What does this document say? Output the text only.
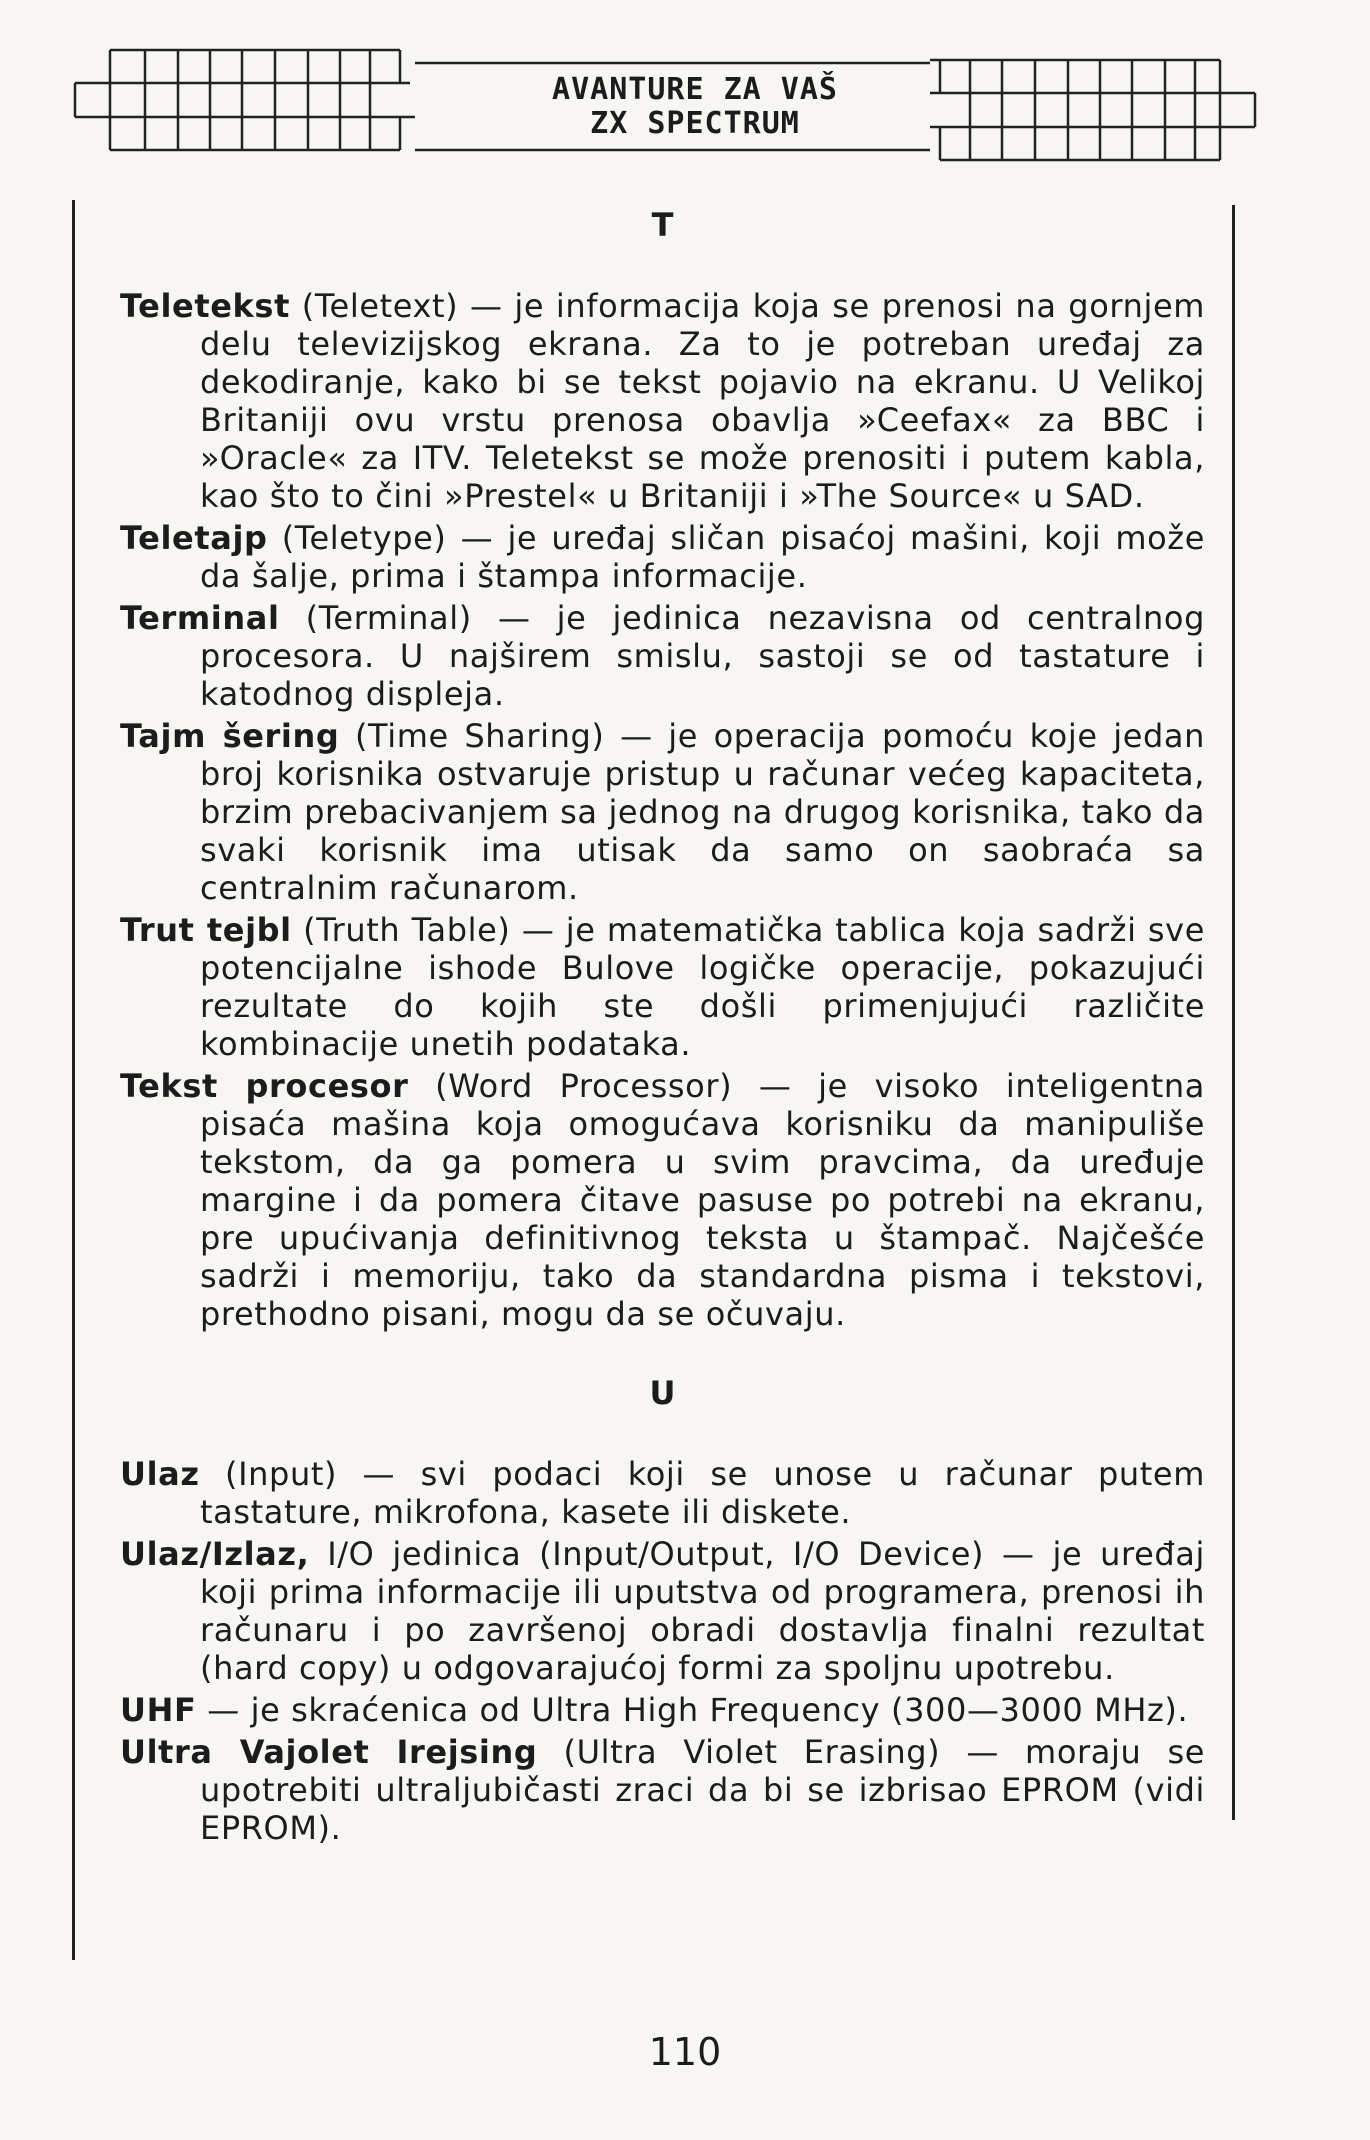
AVANTURE ZA VAŠ
ZX SPECTRUM
T

Teletekst (Teletext) — je informacija koja se prenosi na gornjem delu televizijskog ekrana. Za to je potreban uređaj za dekodiranje, kako bi se tekst pojavio na ekranu. U Velikoj Britaniji ovu vrstu prenosa obavlja »Ceefax« za BBC i »Oracle« za ITV. Teletekst se može prenositi i putem kabla, kao što to čini »Prestel« u Britaniji i »The Source« u SAD.

Teletajp (Teletype) — je uređaj sličan pisaćoj mašini, koji može da šalje, prima i štampa informacije.

Terminal (Terminal) — je jedinica nezavisna od centralnog procesora. U najširem smislu, sastoji se od tastature i katodnog displeja.

Tajm šering (Time Sharing) — je operacija pomoću koje jedan broj korisnika ostvaruje pristup u računar većeg kapaciteta, brzim prebacivanjem sa jednog na drugog korisnika, tako da svaki korisnik ima utisak da samo on saobraća sa centralnim računarom.

Trut tejbl (Truth Table) — je matematička tablica koja sadrži sve potencijalne ishode Bulove logičke operacije, pokazujući rezultate do kojih ste došli primenjujući različite kombinacije unetih podataka.

Tekst procesor (Word Processor) — je visoko inteligentna pisaća mašina koja omogućava korisniku da manipuliše tekstom, da ga pomera u svim pravcima, da uređuje margine i da pomera čitave pasuse po potrebi na ekranu, pre upućivanja definitivnog teksta u štampač. Najčešće sadrži i memoriju, tako da standardna pisma i tekstovi, prethodno pisani, mogu da se očuvaju.

U

Ulaz (Input) — svi podaci koji se unose u računar putem tastature, mikrofona, kasete ili diskete.

Ulaz/Izlaz, I/O jedinica (Input/Output, I/O Device) — je uređaj koji prima informacije ili uputstva od programera, prenosi ih računaru i po završenoj obradi dostavlja finalni rezultat (hard copy) u odgovarajućoj formi za spoljnu upotrebu.

UHF — je skraćenica od Ultra High Frequency (300—3000 MHz).

Ultra Vajolet Irejsing (Ultra Violet Erasing) — moraju se upotrebiti ultraljubičasti zraci da bi se izbrisao EPROM (vidi EPROM).

110
